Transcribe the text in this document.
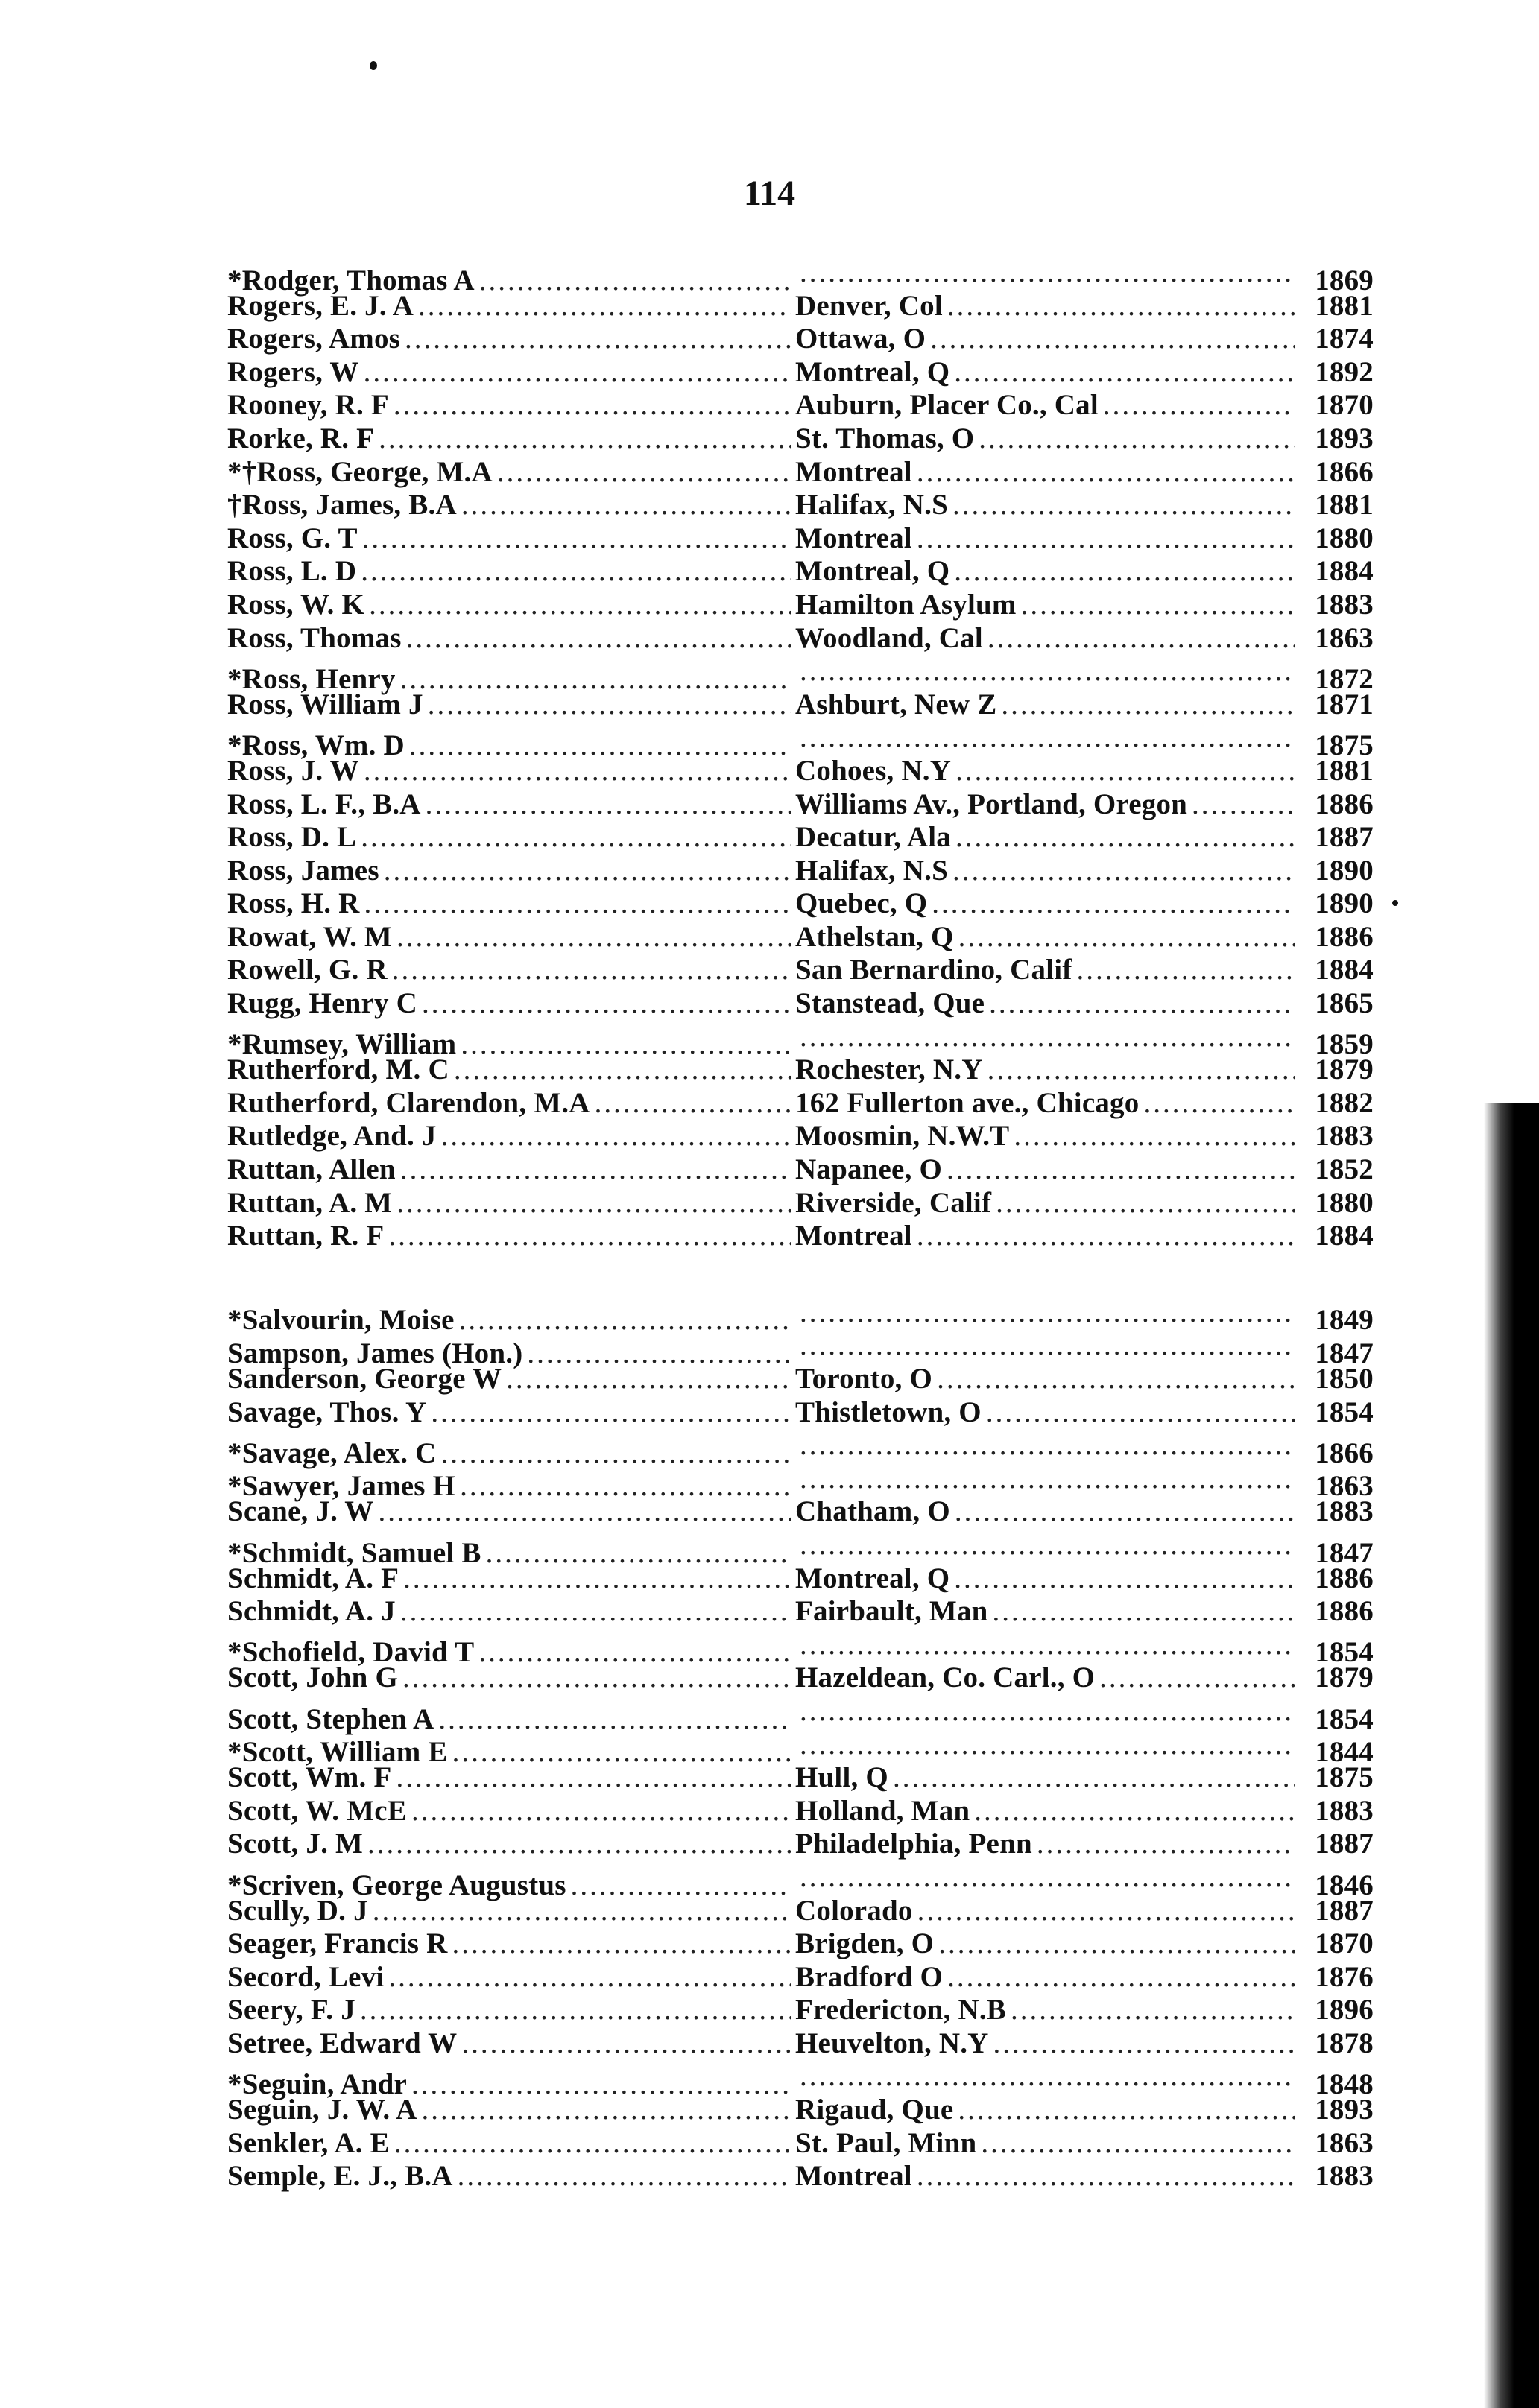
114
*Rodger, Thomas A ..... .....	1869
Rogers, E. J. A .....	Denver, Col .....	1881
Rogers, Amos .....	Ottawa, O .....	1874
Rogers, W .....	Montreal, Q .....	1892
Rooney, R. F .....	Auburn, Placer Co., Cal .....	1870
Rorke, R. F .....	St. Thomas, O .....	1893
*†Ross, George, M.A .....	Montreal .....	1866
†Ross, James, B.A .....	Halifax, N.S .....	1881
Ross, G. T .....	Montreal .....	1880
Ross, L. D .....	Montreal, Q .....	1884
Ross, W. K .....	Hamilton Asylum .....	1883
Ross, Thomas .....	Woodland, Cal .....	1863
*Ross, Henry ..... .....	1872
Ross, William J .....	Ashburt, New Z .....	1871
*Ross, Wm. D ..... .....	1875
Ross, J. W .....	Cohoes, N.Y .....	1881
Ross, L. F., B.A .....	Williams Av., Portland, Oregon .....	1886
Ross, D. L .....	Decatur, Ala .....	1887
Ross, James .....	Halifax, N.S .....	1890
Ross, H. R .....	Quebec, Q .....	1890
Rowat, W. M .....	Athelstan, Q .....	1886
Rowell, G. R .....	San Bernardino, Calif .....	1884
Rugg, Henry C .....	Stanstead, Que .....	1865
*Rumsey, William ..... .....	1859
Rutherford, M. C .....	Rochester, N.Y .....	1879
Rutherford, Clarendon, M.A .....	162 Fullerton ave., Chicago .....	1882
Rutledge, And. J .....	Moosmin, N.W.T .....	1883
Ruttan, Allen .....	Napanee, O .....	1852
Ruttan, A. M .....	Riverside, Calif .....	1880
Ruttan, R. F .....	Montreal .....	1884
*Salvourin, Moise ..... .....	1849
Sampson, James (Hon.) ..... .....	1847
Sanderson, George W .....	Toronto, O .....	1850
Savage, Thos. Y .....	Thistletown, O .....	1854
*Savage, Alex. C ..... .....	1866
*Sawyer, James H ..... .....	1863
Scane, J. W .....	Chatham, O .....	1883
*Schmidt, Samuel B ..... .....	1847
Schmidt, A. F .....	Montreal, Q .....	1886
Schmidt, A. J .....	Fairbault, Man .....	1886
*Schofield, David T ..... .....	1854
Scott, John G .....	Hazeldean, Co. Carl., O .....	1879
Scott, Stephen A ..... .....	1854
*Scott, William E ..... .....	1844
Scott, Wm. F .....	Hull, Q .....	1875
Scott, W. McE .....	Holland, Man .....	1883
Scott, J. M .....	Philadelphia, Penn .....	1887
*Scriven, George Augustus ..... .....	1846
Scully, D. J .....	Colorado .....	1887
Seager, Francis R .....	Brigden, O .....	1870
Secord, Levi .....	Bradford O .....	1876
Seery, F. J .....	Fredericton, N.B .....	1896
Setree, Edward W .....	Heuvelton, N.Y .....	1878
*Seguin, Andr ..... .....	1848
Seguin, J. W. A .....	Rigaud, Que .....	1893
Senkler, A. E .....	St. Paul, Minn .....	1863
Semple, E. J., B.A .....	Montreal .....	1883
